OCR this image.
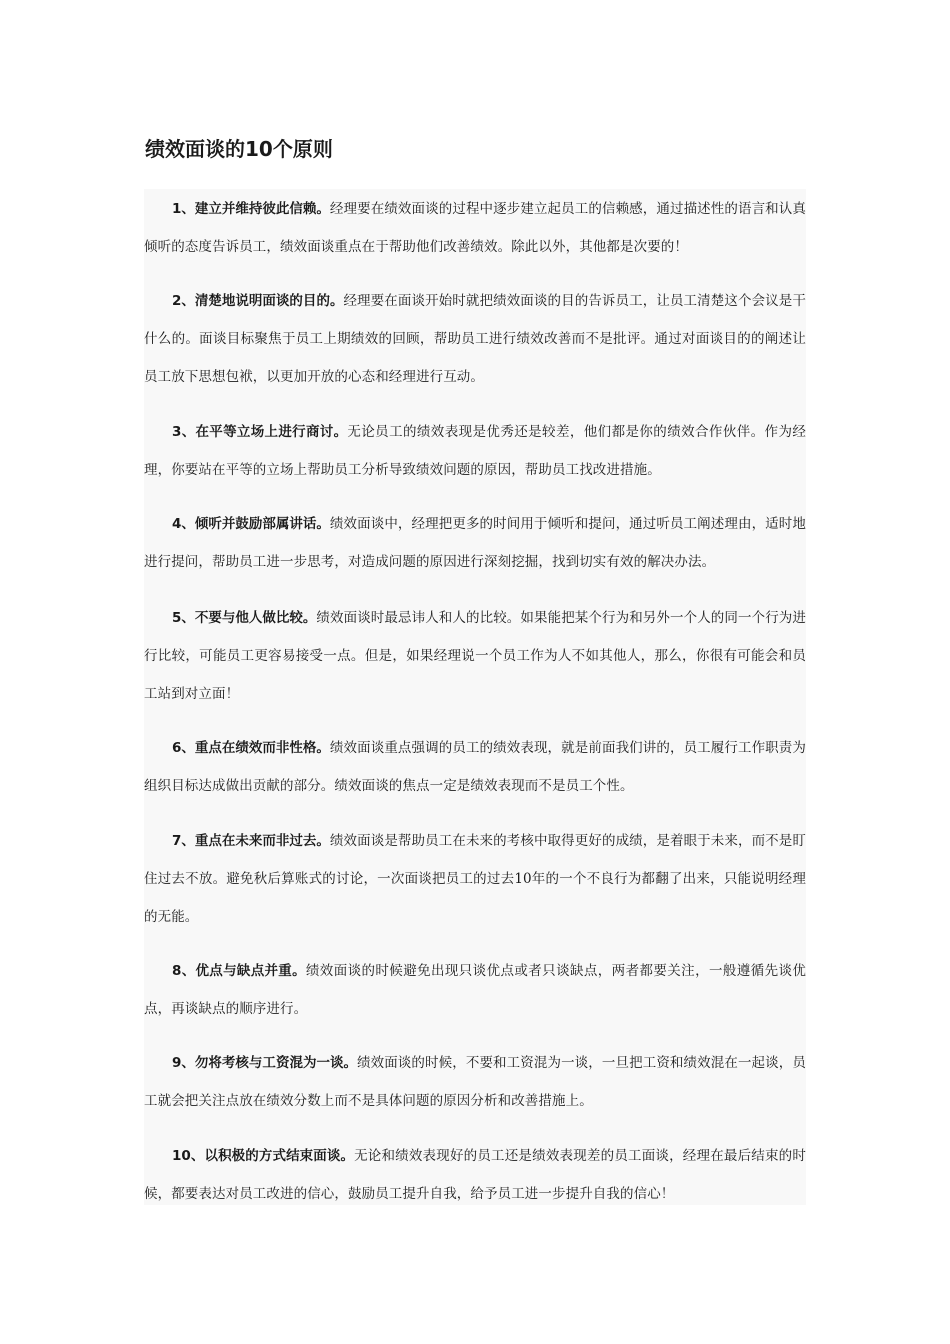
绩效面谈的10个原则

1、建立并维持彼此信赖。经理要在绩效面谈的过程中逐步建立起员工的信赖感，通过描述性的语言和认真倾听的态度告诉员工，绩效面谈重点在于帮助他们改善绩效。除此以外，其他都是次要的！

2、清楚地说明面谈的目的。经理要在面谈开始时就把绩效面谈的目的告诉员工，让员工清楚这个会议是干什么的。面谈目标聚焦于员工上期绩效的回顾，帮助员工进行绩效改善而不是批评。通过对面谈目的的阐述让员工放下思想包袱，以更加开放的心态和经理进行互动。

3、在平等立场上进行商讨。无论员工的绩效表现是优秀还是较差，他们都是你的绩效合作伙伴。作为经理，你要站在平等的立场上帮助员工分析导致绩效问题的原因，帮助员工找改进措施。

4、倾听并鼓励部属讲话。绩效面谈中，经理把更多的时间用于倾听和提问，通过听员工阐述理由，适时地进行提问，帮助员工进一步思考，对造成问题的原因进行深刻挖掘，找到切实有效的解决办法。

5、不要与他人做比较。绩效面谈时最忌讳人和人的比较。如果能把某个行为和另外一个人的同一个行为进行比较，可能员工更容易接受一点。但是，如果经理说一个员工作为人不如其他人，那么，你很有可能会和员工站到对立面！

6、重点在绩效而非性格。绩效面谈重点强调的员工的绩效表现，就是前面我们讲的，员工履行工作职责为组织目标达成做出贡献的部分。绩效面谈的焦点一定是绩效表现而不是员工个性。

7、重点在未来而非过去。绩效面谈是帮助员工在未来的考核中取得更好的成绩，是着眼于未来，而不是盯住过去不放。避免秋后算账式的讨论，一次面谈把员工的过去10年的一个不良行为都翻了出来，只能说明经理的无能。

8、优点与缺点并重。绩效面谈的时候避免出现只谈优点或者只谈缺点，两者都要关注，一般遵循先谈优点，再谈缺点的顺序进行。

9、勿将考核与工资混为一谈。绩效面谈的时候，不要和工资混为一谈，一旦把工资和绩效混在一起谈，员工就会把关注点放在绩效分数上而不是具体问题的原因分析和改善措施上。

10、以积极的方式结束面谈。无论和绩效表现好的员工还是绩效表现差的员工面谈，经理在最后结束的时候，都要表达对员工改进的信心，鼓励员工提升自我，给予员工进一步提升自我的信心！
